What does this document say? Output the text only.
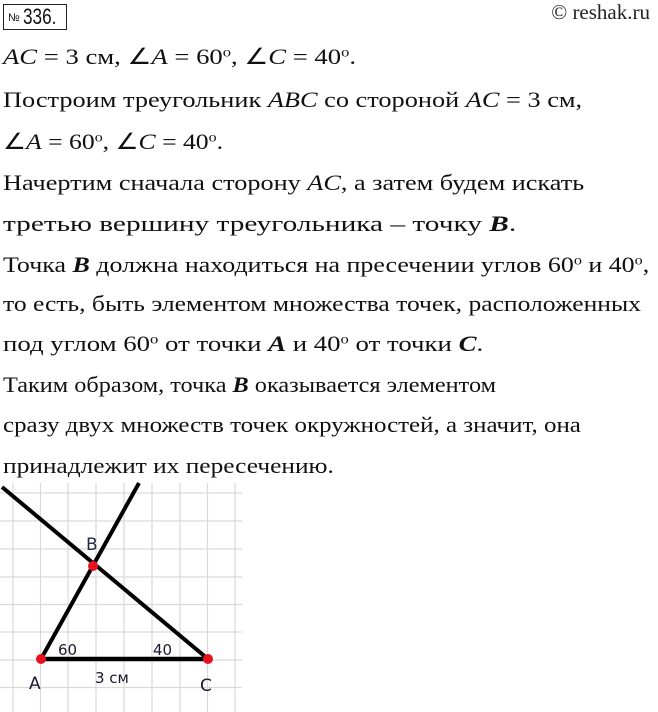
№ 336.	© reshak.ru
AC = 3 см, ∠A = $60^o$, ∠C = $40^o$.
Построим треугольник ABC со стороной AC = 3 см,
∠A = $60^o$, ∠C = $40^o$.
Начертим сначала сторону AC, а затем будем искать
третью вершину треугольника – точку B.
Точка B должна находиться на пресечении углов 60$^o$ и 40$^o$,
то есть, быть элементом множества точек, расположенных
под углом 60$^o$ от точки A и 40$^o$ от точки C.
Таким образом, точка B оказывается элементом
сразу двух множеств точек окружностей, а значит, она
принадлежит их пересечению.
B
60	40
A	C
3 см
